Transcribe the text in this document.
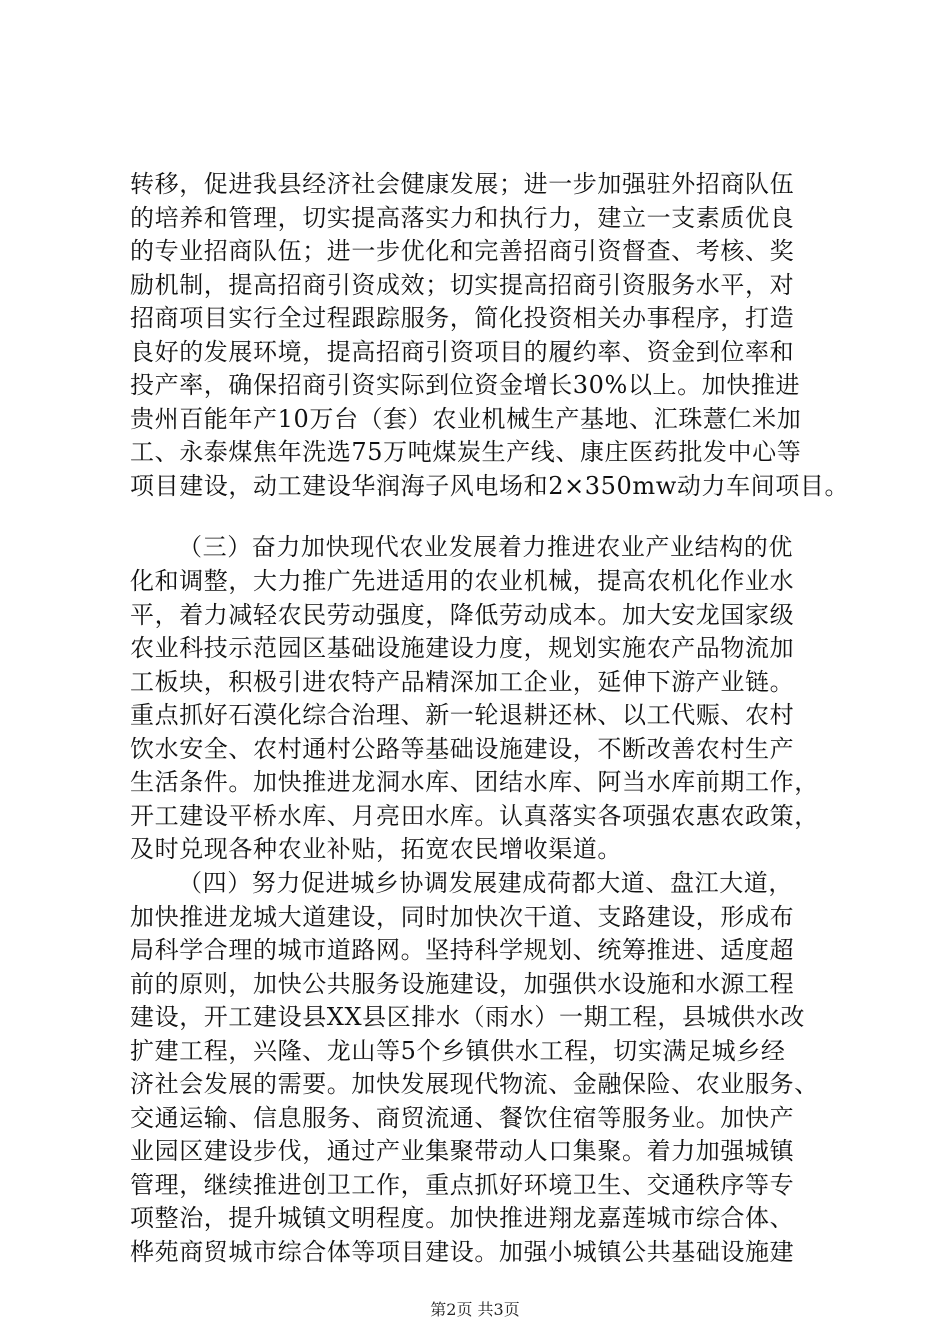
转移，促进我县经济社会健康发展；进一步加强驻外招商队伍
的培养和管理，切实提高落实力和执行力，建立一支素质优良
的专业招商队伍；进一步优化和完善招商引资督查、考核、奖
励机制，提高招商引资成效；切实提高招商引资服务水平，对
招商项目实行全过程跟踪服务，简化投资相关办事程序，打造
良好的发展环境，提高招商引资项目的履约率、资金到位率和
投产率，确保招商引资实际到位资金增长30%以上。加快推进
贵州百能年产10万台（套）农业机械生产基地、汇珠薏仁米加
工、永泰煤焦年洗选75万吨煤炭生产线、康庄医药批发中心等
项目建设，动工建设华润海子风电场和2×350mw动力车间项目。
（三）奋力加快现代农业发展着力推进农业产业结构的优
化和调整，大力推广先进适用的农业机械，提高农机化作业水
平，着力减轻农民劳动强度，降低劳动成本。加大安龙国家级
农业科技示范园区基础设施建设力度，规划实施农产品物流加
工板块，积极引进农特产品精深加工企业，延伸下游产业链。
重点抓好石漠化综合治理、新一轮退耕还林、以工代赈、农村
饮水安全、农村通村公路等基础设施建设，不断改善农村生产
生活条件。加快推进龙洞水库、团结水库、阿当水库前期工作，
开工建设平桥水库、月亮田水库。认真落实各项强农惠农政策，
及时兑现各种农业补贴，拓宽农民增收渠道。
（四）努力促进城乡协调发展建成荷都大道、盘江大道，
加快推进龙城大道建设，同时加快次干道、支路建设，形成布
局科学合理的城市道路网。坚持科学规划、统筹推进、适度超
前的原则，加快公共服务设施建设，加强供水设施和水源工程
建设，开工建设县XX县区排水（雨水）一期工程，县城供水改
扩建工程，兴隆、龙山等5个乡镇供水工程，切实满足城乡经
济社会发展的需要。加快发展现代物流、金融保险、农业服务、
交通运输、信息服务、商贸流通、餐饮住宿等服务业。加快产
业园区建设步伐，通过产业集聚带动人口集聚。着力加强城镇
管理，继续推进创卫工作，重点抓好环境卫生、交通秩序等专
项整治，提升城镇文明程度。加快推进翔龙嘉莲城市综合体、
桦苑商贸城市综合体等项目建设。加强小城镇公共基础设施建
第2页 共3页
